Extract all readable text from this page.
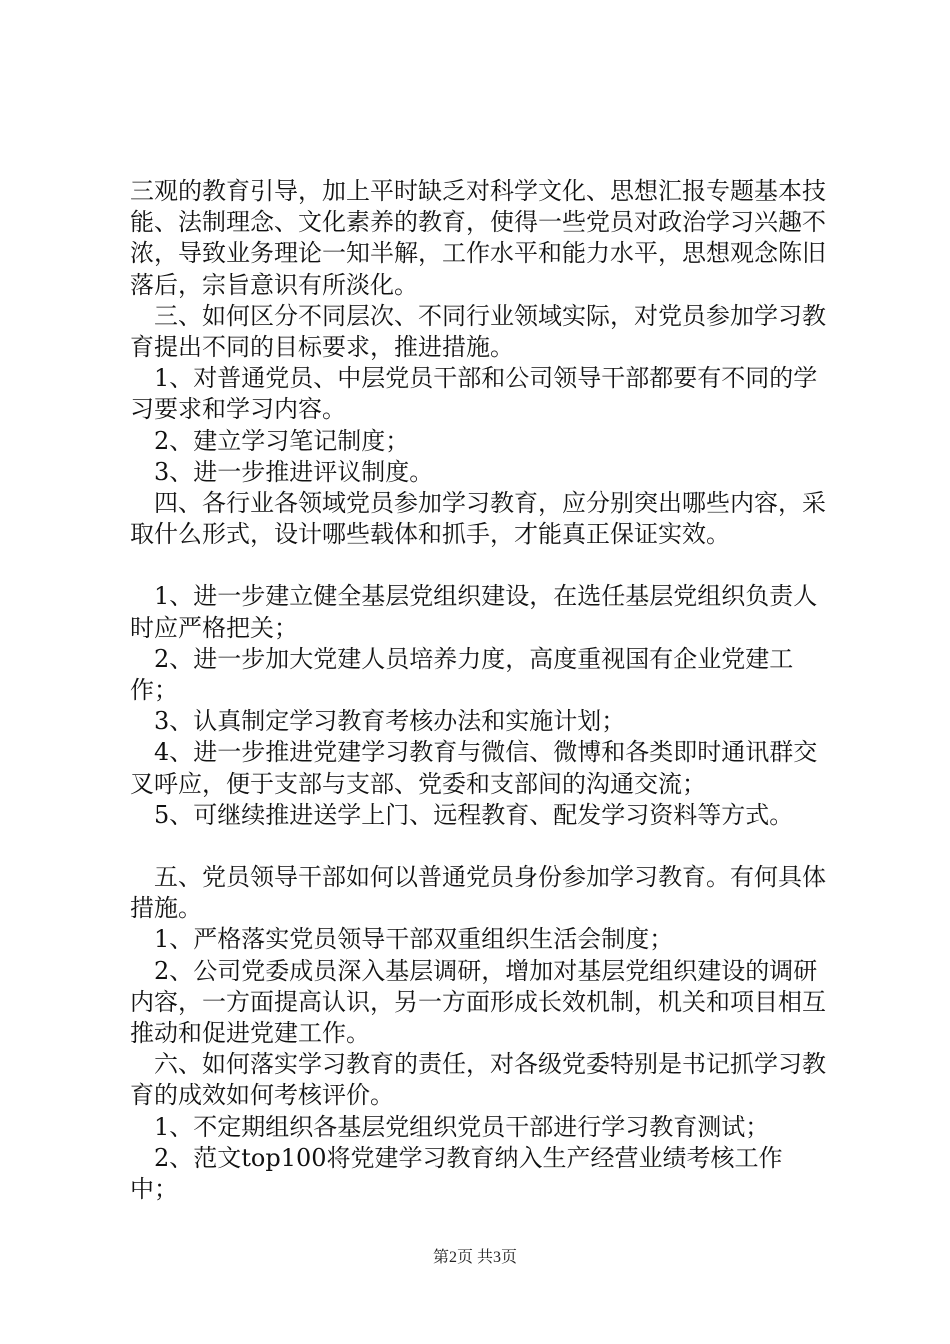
三观的教育引导，加上平时缺乏对科学文化、思想汇报专题基本技能、法制理念、文化素养的教育，使得一些党员对政治学习兴趣不浓，导致业务理论一知半解，工作水平和能力水平，思想观念陈旧落后，宗旨意识有所淡化。

三、如何区分不同层次、不同行业领域实际，对党员参加学习教育提出不同的目标要求，推进措施。

1、对普通党员、中层党员干部和公司领导干部都要有不同的学习要求和学习内容。

2、建立学习笔记制度；

3、进一步推进评议制度。

四、各行业各领域党员参加学习教育，应分别突出哪些内容，采取什么形式，设计哪些载体和抓手，才能真正保证实效。

1、进一步建立健全基层党组织建设，在选任基层党组织负责人时应严格把关；

2、进一步加大党建人员培养力度，高度重视国有企业党建工作；

3、认真制定学习教育考核办法和实施计划；

4、进一步推进党建学习教育与微信、微博和各类即时通讯群交叉呼应，便于支部与支部、党委和支部间的沟通交流；

5、可继续推进送学上门、远程教育、配发学习资料等方式。

五、党员领导干部如何以普通党员身份参加学习教育。有何具体措施。

1、严格落实党员领导干部双重组织生活会制度；

2、公司党委成员深入基层调研，增加对基层党组织建设的调研内容，一方面提高认识，另一方面形成长效机制，机关和项目相互推动和促进党建工作。

六、如何落实学习教育的责任，对各级党委特别是书记抓学习教育的成效如何考核评价。

1、不定期组织各基层党组织党员干部进行学习教育测试；

2、范文top100将党建学习教育纳入生产经营业绩考核工作中；

第2页 共3页
